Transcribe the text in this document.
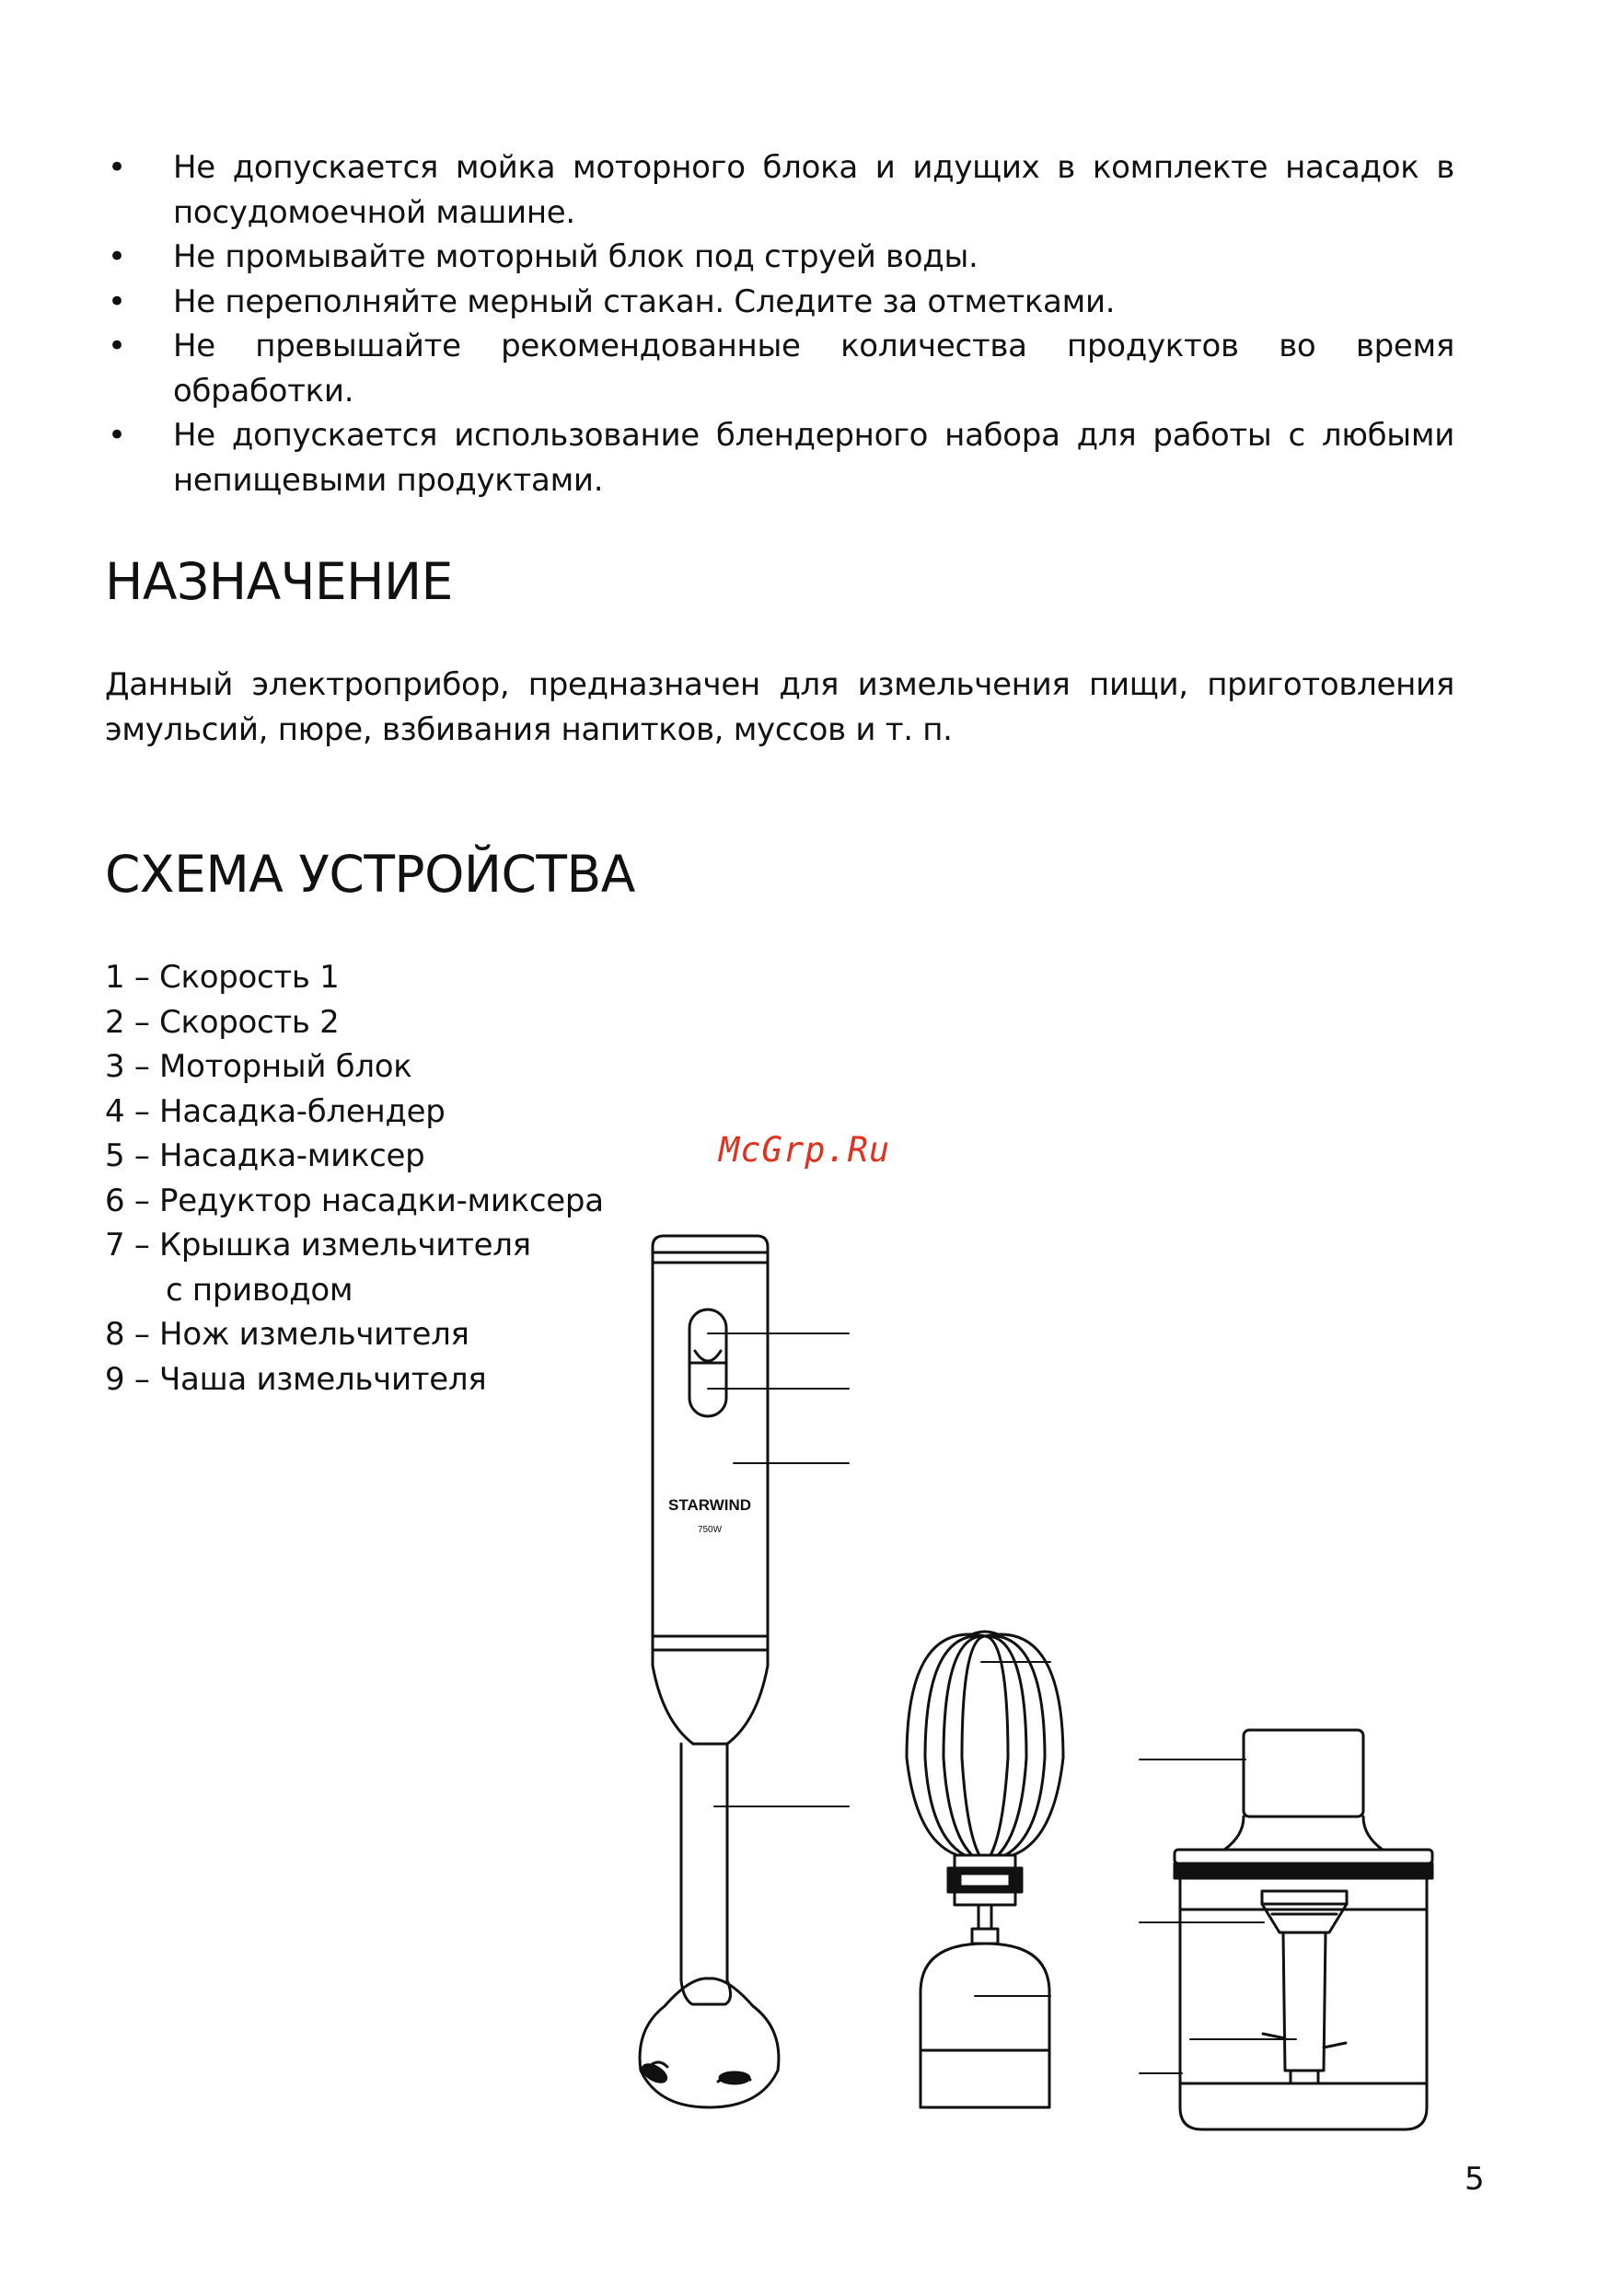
• Не допускается мойка моторного блока и идущих в комплекте насадок в посудомоечной машине.
• Не промывайте моторный блок под струей воды.
• Не переполняйте мерный стакан. Следите за отметками.
• Не превышайте рекомендованные количества продуктов во время обработки.
• Не допускается использование блендерного набора для работы с любыми непищевыми продуктами.
НАЗНАЧЕНИЕ

Данный электроприбор, предназначен для измельчения пищи, приготовления эмульсий, пюре, взбивания напитков, муссов и т. п.

СХЕМА УСТРОЙСТВА
1 – Скорость 1
2 – Скорость 2
3 – Моторный блок
4 – Насадка-блендер
5 – Насадка-миксер
6 – Редуктор насадки-миксера
7 – Крышка измельчителя
с приводом
8 – Нож измельчителя
9 – Чаша измельчителя
McGrp.Ru
STARWIND
750W
5
